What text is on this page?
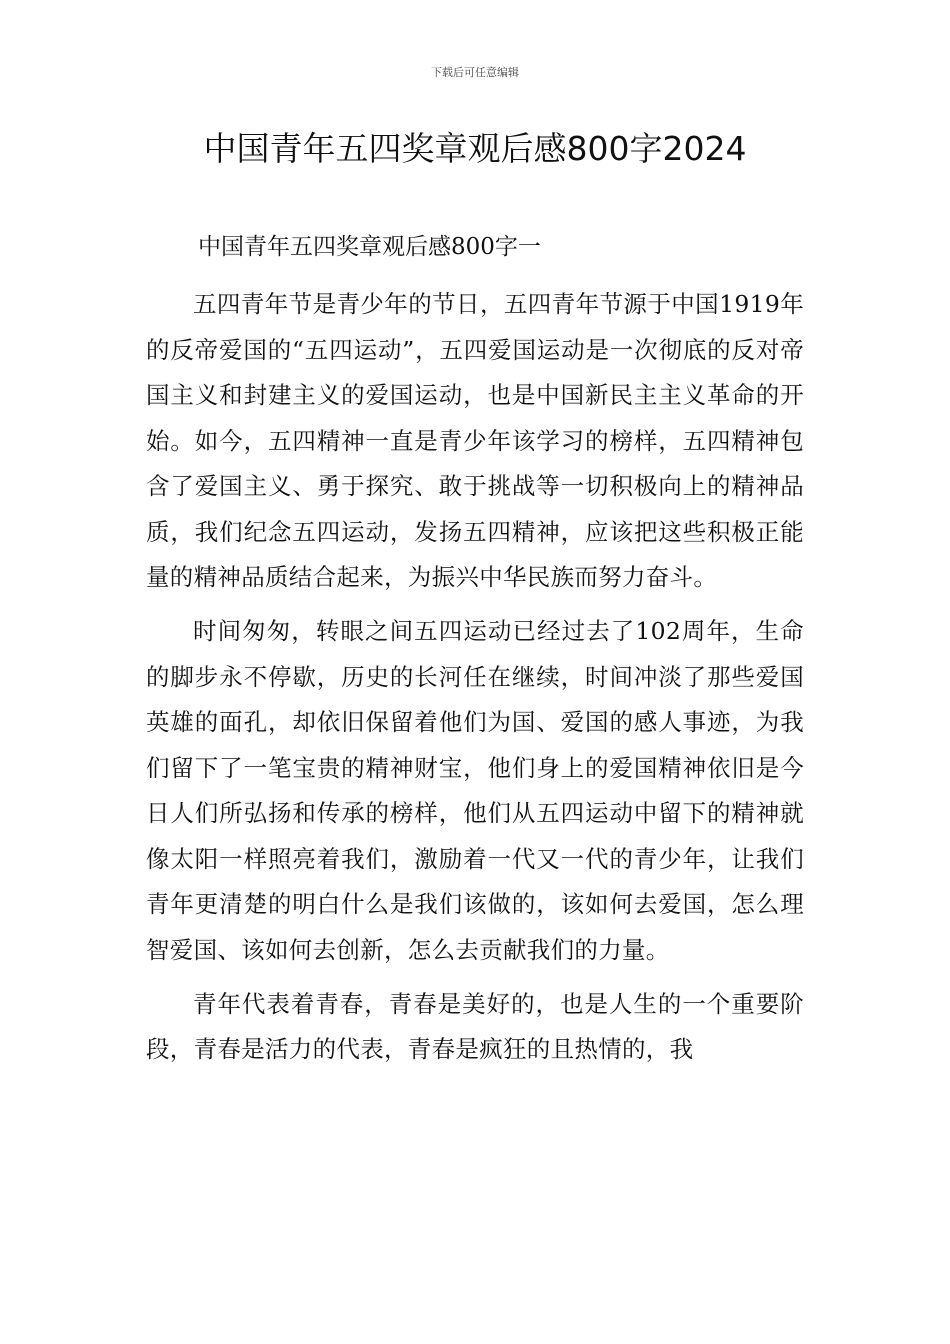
下载后可任意编辑
中国青年五四奖章观后感800字2024

中国青年五四奖章观后感800字一

五四青年节是青少年的节日，五四青年节源于中国1919年的反帝爱国的“五四运动”，五四爱国运动是一次彻底的反对帝国主义和封建主义的爱国运动，也是中国新民主主义革命的开始。如今，五四精神一直是青少年该学习的榜样，五四精神包含了爱国主义、勇于探究、敢于挑战等一切积极向上的精神品质，我们纪念五四运动，发扬五四精神，应该把这些积极正能量的精神品质结合起来，为振兴中华民族而努力奋斗。

时间匆匆，转眼之间五四运动已经过去了102周年，生命的脚步永不停歇，历史的长河任在继续，时间冲淡了那些爱国英雄的面孔，却依旧保留着他们为国、爱国的感人事迹，为我们留下了一笔宝贵的精神财宝，他们身上的爱国精神依旧是今日人们所弘扬和传承的榜样，他们从五四运动中留下的精神就像太阳一样照亮着我们，激励着一代又一代的青少年，让我们青年更清楚的明白什么是我们该做的，该如何去爱国，怎么理智爱国、该如何去创新，怎么去贡献我们的力量。

青年代表着青春，青春是美好的，也是人生的一个重要阶段，青春是活力的代表，青春是疯狂的且热情的，我
